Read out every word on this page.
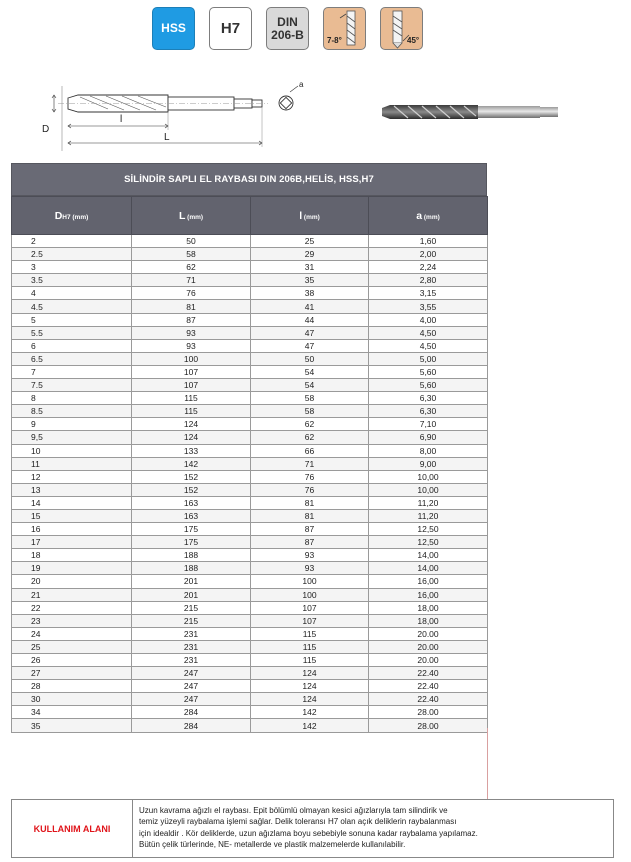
HSS H7	DIN
206-B	7-8°	45°
D
l
L
a
SİLİNDİR SAPLI EL RAYBASI DIN 206B,HELİS, HSS,H7
DH7 (mm)	L (mm)	l (mm)	a (mm)
2	50	25	1,60
2.5	58	29	2,00
3	62	31	2,24
3.5	71	35	2,80
4	76	38	3,15
4.5	81	41	3,55
5	87	44	4,00
5.5	93	47	4,50
6	93	47	4,50
6.5	100	50	5,00
7	107	54	5,60
7.5	107	54	5,60
8	115	58	6,30
8.5	115	58	6,30
9	124	62	7,10
9,5	124	62	6,90
10	133	66	8,00
11	142	71	9,00
12	152	76	10,00
13	152	76	10,00
14	163	81	11,20
15	163	81	11,20
16	175	87	12,50
17	175	87	12,50
18	188	93	14,00
19	188	93	14,00
20	201	100	16,00
21	201	100	16,00
22	215	107	18,00
23	215	107	18,00
24	231	115	20.00
25	231	115	20.00
26	231	115	20.00
27	247	124	22.40
28	247	124	22.40
30	247	124	22.40
34	284	142	28.00
35	284	142	28.00
KULLANIM ALANI
Uzun kavrama ağızlı el raybası. Epit bölümlü olmayan kesici ağızlarıyla tam silindirik ve
temiz yüzeyli raybalama işlemi sağlar. Delik toleransı H7 olan açık deliklerin raybalanması
için idealdir . Kör deliklerde, uzun ağızlama boyu sebebiyle sonuna kadar raybalama yapılamaz.
Bütün çelik türlerinde, NE- metallerde ve plastik malzemelerde kullanılabilir.
